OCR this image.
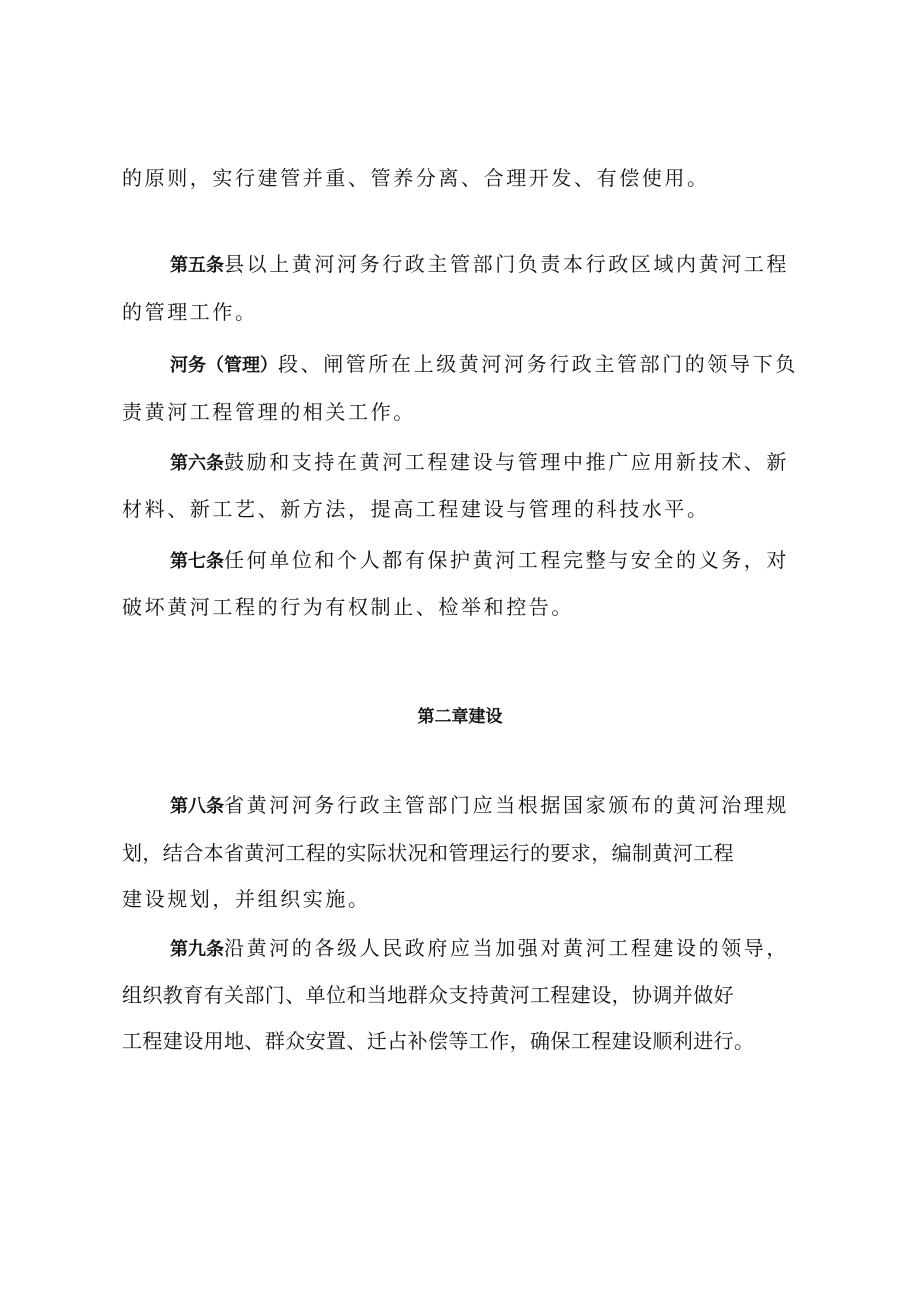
的原则，实行建管并重、管养分离、合理开发、有偿使用。
第五条县以上黄河河务行政主管部门负责本行政区域内黄河工程
的管理工作。
河务（管理）段、闸管所在上级黄河河务行政主管部门的领导下负
责黄河工程管理的相关工作。
第六条鼓励和支持在黄河工程建设与管理中推广应用新技术、新
材料、新工艺、新方法，提高工程建设与管理的科技水平。
第七条任何单位和个人都有保护黄河工程完整与安全的义务，对
破坏黄河工程的行为有权制止、检举和控告。
第二章建设
第八条省黄河河务行政主管部门应当根据国家颁布的黄河治理规
划，结合本省黄河工程的实际状况和管理运行的要求，编制黄河工程
建设规划，并组织实施。
第九条沿黄河的各级人民政府应当加强对黄河工程建设的领导，
组织教育有关部门、单位和当地群众支持黄河工程建设，协调并做好
工程建设用地、群众安置、迁占补偿等工作，确保工程建设顺利进行。
